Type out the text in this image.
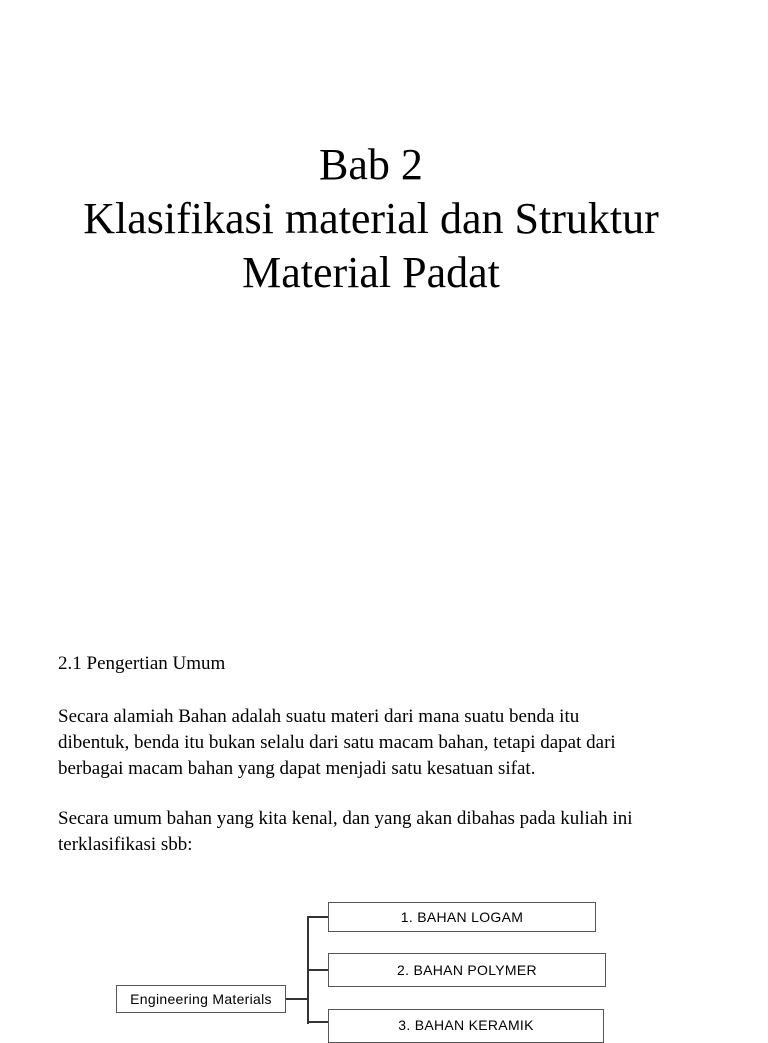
Bab 2
Klasifikasi material dan Struktur
Material Padat
2.1 Pengertian Umum
Secara alamiah Bahan adalah suatu materi dari mana suatu benda itu
dibentuk, benda itu bukan selalu dari satu macam bahan, tetapi dapat dari
berbagai macam bahan yang dapat menjadi satu kesatuan sifat.
Secara umum bahan yang kita kenal, dan yang akan dibahas pada kuliah ini
terklasifikasi sbb:
Engineering Materials
1. BAHAN LOGAM
2. BAHAN POLYMER
3. BAHAN KERAMIK
